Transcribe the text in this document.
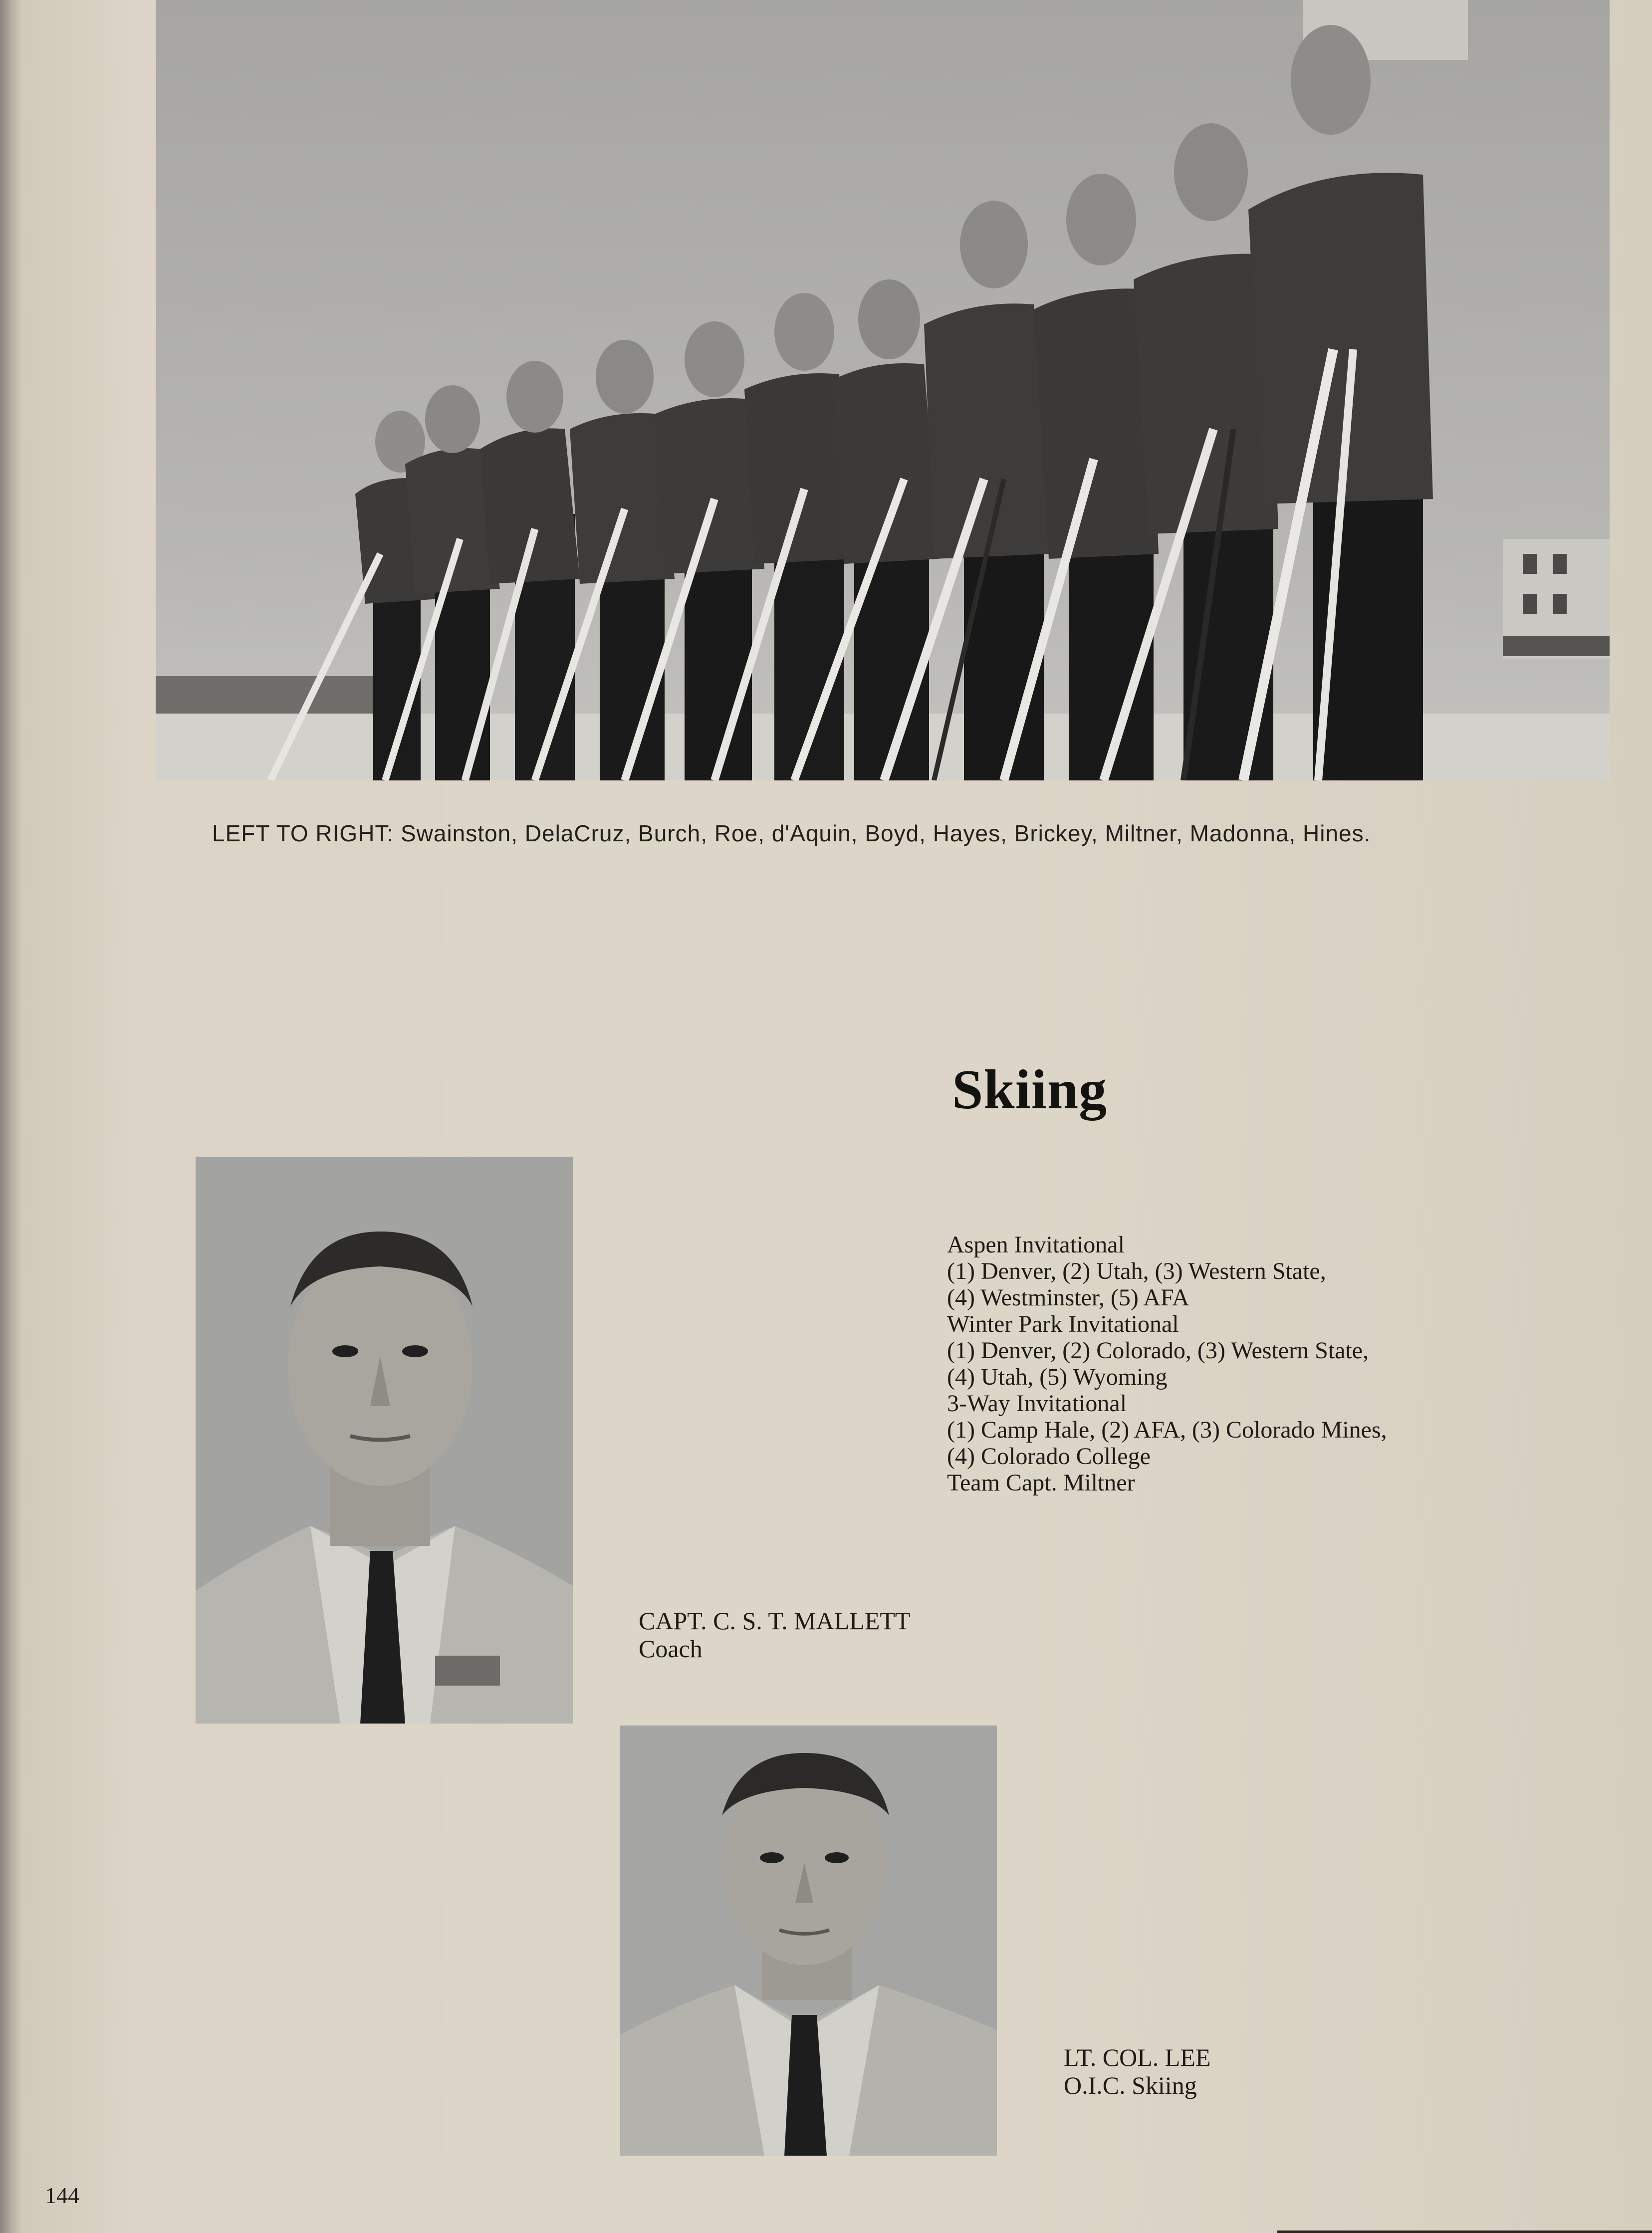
LEFT TO RIGHT: Swainston, DelaCruz, Burch, Roe, d'Aquin, Boyd, Hayes, Brickey, Miltner, Madonna, Hines.
Skiing
Aspen Invitational
(1) Denver, (2) Utah, (3) Western State,
(4) Westminster, (5) AFA
Winter Park Invitational
(1) Denver, (2) Colorado, (3) Western State,
(4) Utah, (5) Wyoming
3-Way Invitational
(1) Camp Hale, (2) AFA, (3) Colorado Mines,
(4) Colorado College
Team Capt. Miltner
CAPT. C. S. T. MALLETT
Coach
LT. COL. LEE
O.I.C. Skiing
144
